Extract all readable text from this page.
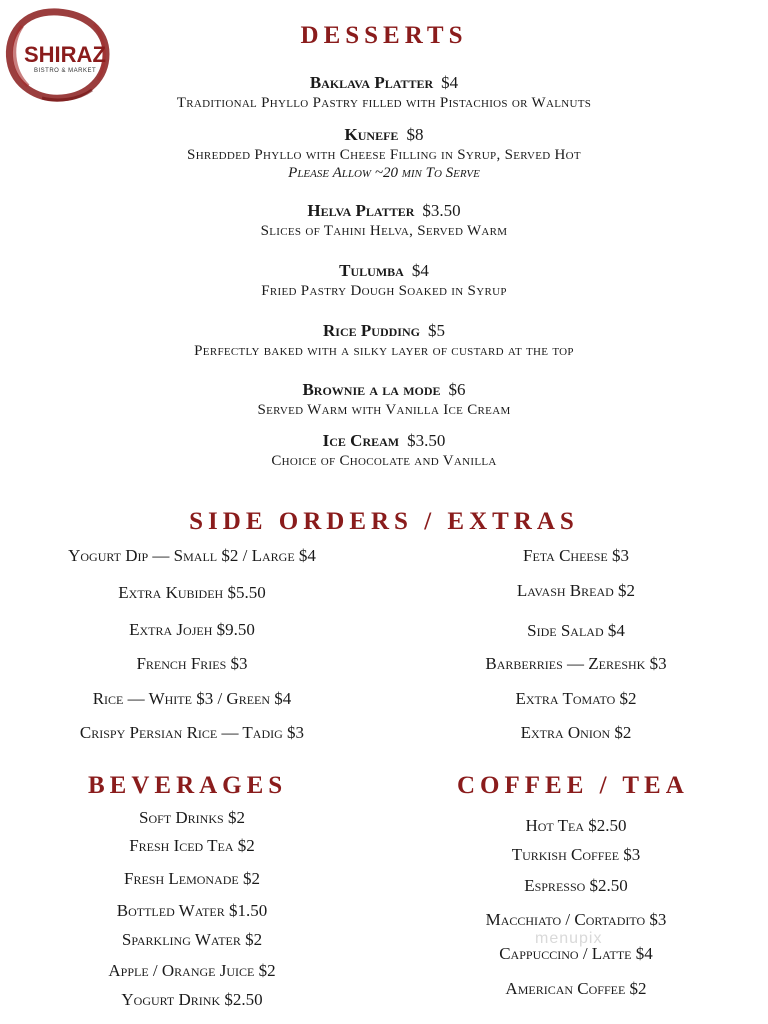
SHIRAZ
BISTRO & MARKET
DESSERTS
Baklava Platter $4
Traditional Phyllo Pastry filled with Pistachios or Walnuts
Kunefe $8
Shredded Phyllo with Cheese Filling in Syrup, Served Hot
Please Allow ~20 min To Serve
Helva Platter $3.50
Slices of Tahini Helva, Served Warm
Tulumba $4
Fried Pastry Dough Soaked in Syrup
Rice Pudding $5
Perfectly baked with a silky layer of custard at the top
Brownie a la mode $6
Served Warm with Vanilla Ice Cream
Ice Cream $3.50
Choice of Chocolate and Vanilla
SIDE ORDERS / EXTRAS
Yogurt Dip — Small $2 / Large $4
Extra Kubideh $5.50
Extra Jojeh $9.50
French Fries $3
Rice — White $3 / Green $4
Crispy Persian Rice — Tadig $3
Feta Cheese $3
Lavash Bread $2
Side Salad $4
Barberries — Zereshk $3
Extra Tomato $2
Extra Onion $2
BEVERAGES
Soft Drinks $2
Fresh Iced Tea $2
Fresh Lemonade $2
Bottled Water $1.50
Sparkling Water $2
Apple / Orange Juice $2
Yogurt Drink $2.50
COFFEE / TEA
Hot Tea $2.50
Turkish Coffee $3
Espresso $2.50
Macchiato / Cortadito $3
Cappuccino / Latte $4
American Coffee $2
menupix
